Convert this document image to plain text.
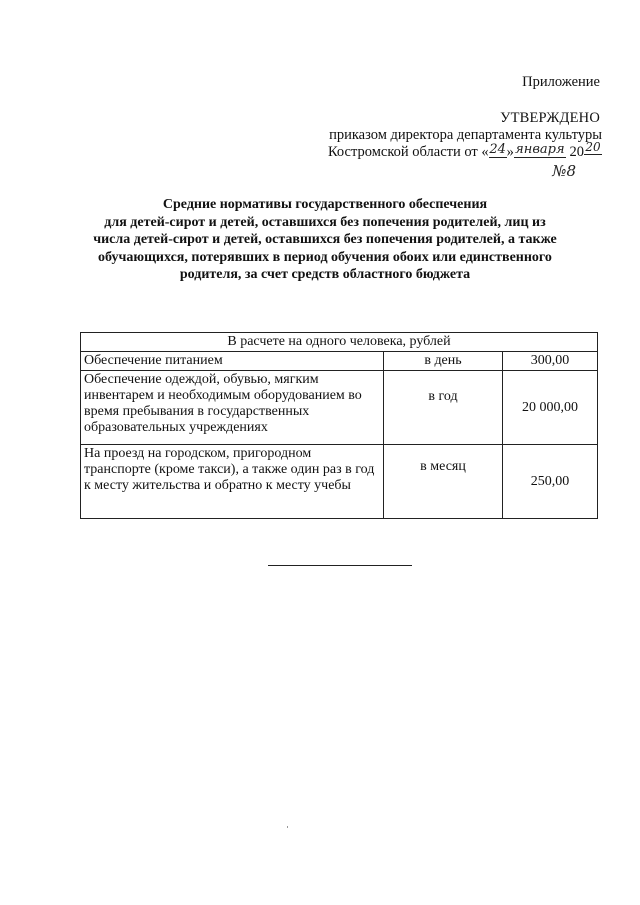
Приложение
УТВЕРЖДЕНО
приказом директора департамента культуры
Костромской области от «24»января 2020
№8
Средние нормативы государственного обеспечения
для детей-сирот и детей, оставшихся без попечения родителей, лиц из
числа детей-сирот и детей, оставшихся без попечения родителей, а также
обучающихся, потерявших в период обучения обоих или единственного
родителя, за счет средств областного бюджета
В расчете на одного человека, рублей		
Обеспечение питанием	в день	300,00
Обеспечение одеждой, обувью, мягким инвентарем и необходимым оборудованием во время пребывания в государственных образовательных учреждениях	в год	20 000,00
На проезд на городском, пригородном транспорте (кроме такси), а также один раз в год к месту жительства и обратно к месту учебы	в месяц	250,00
